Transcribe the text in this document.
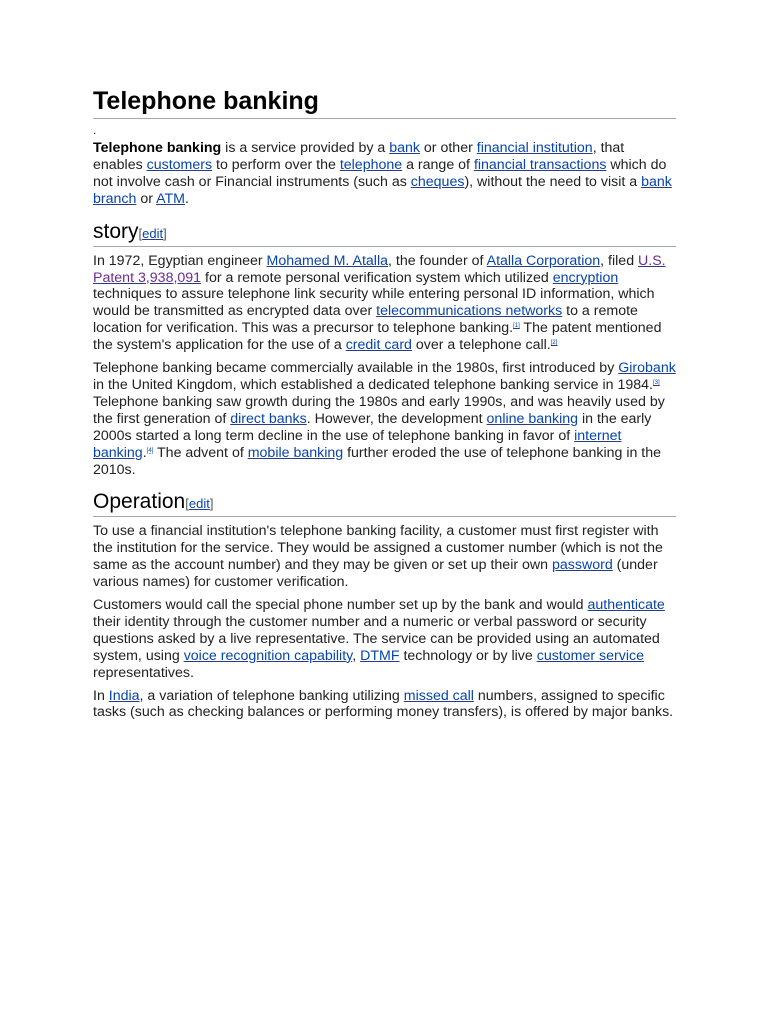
Telephone banking
.

Telephone banking is a service provided by a bank or other financial institution, that enables customers to perform over the telephone a range of financial transactions which do not involve cash or Financial instruments (such as cheques), without the need to visit a bank branch or ATM.

story[edit]

In 1972, Egyptian engineer Mohamed M. Atalla, the founder of Atalla Corporation, filed U.S. Patent 3,938,091 for a remote personal verification system which utilized encryption techniques to assure telephone link security while entering personal ID information, which would be transmitted as encrypted data over telecommunications networks to a remote location for verification. This was a precursor to telephone banking.[1] The patent mentioned the system's application for the use of a credit card over a telephone call.[2]

Telephone banking became commercially available in the 1980s, first introduced by Girobank in the United Kingdom, which established a dedicated telephone banking service in 1984.[3] Telephone banking saw growth during the 1980s and early 1990s, and was heavily used by the first generation of direct banks. However, the development online banking in the early 2000s started a long term decline in the use of telephone banking in favor of internet banking.[4] The advent of mobile banking further eroded the use of telephone banking in the 2010s.

Operation[edit]

To use a financial institution's telephone banking facility, a customer must first register with the institution for the service. They would be assigned a customer number (which is not the same as the account number) and they may be given or set up their own password (under various names) for customer verification.

Customers would call the special phone number set up by the bank and would authenticate their identity through the customer number and a numeric or verbal password or security questions asked by a live representative. The service can be provided using an automated system, using voice recognition capability, DTMF technology or by live customer service representatives.

In India, a variation of telephone banking utilizing missed call numbers, assigned to specific tasks (such as checking balances or performing money transfers), is offered by major banks.
